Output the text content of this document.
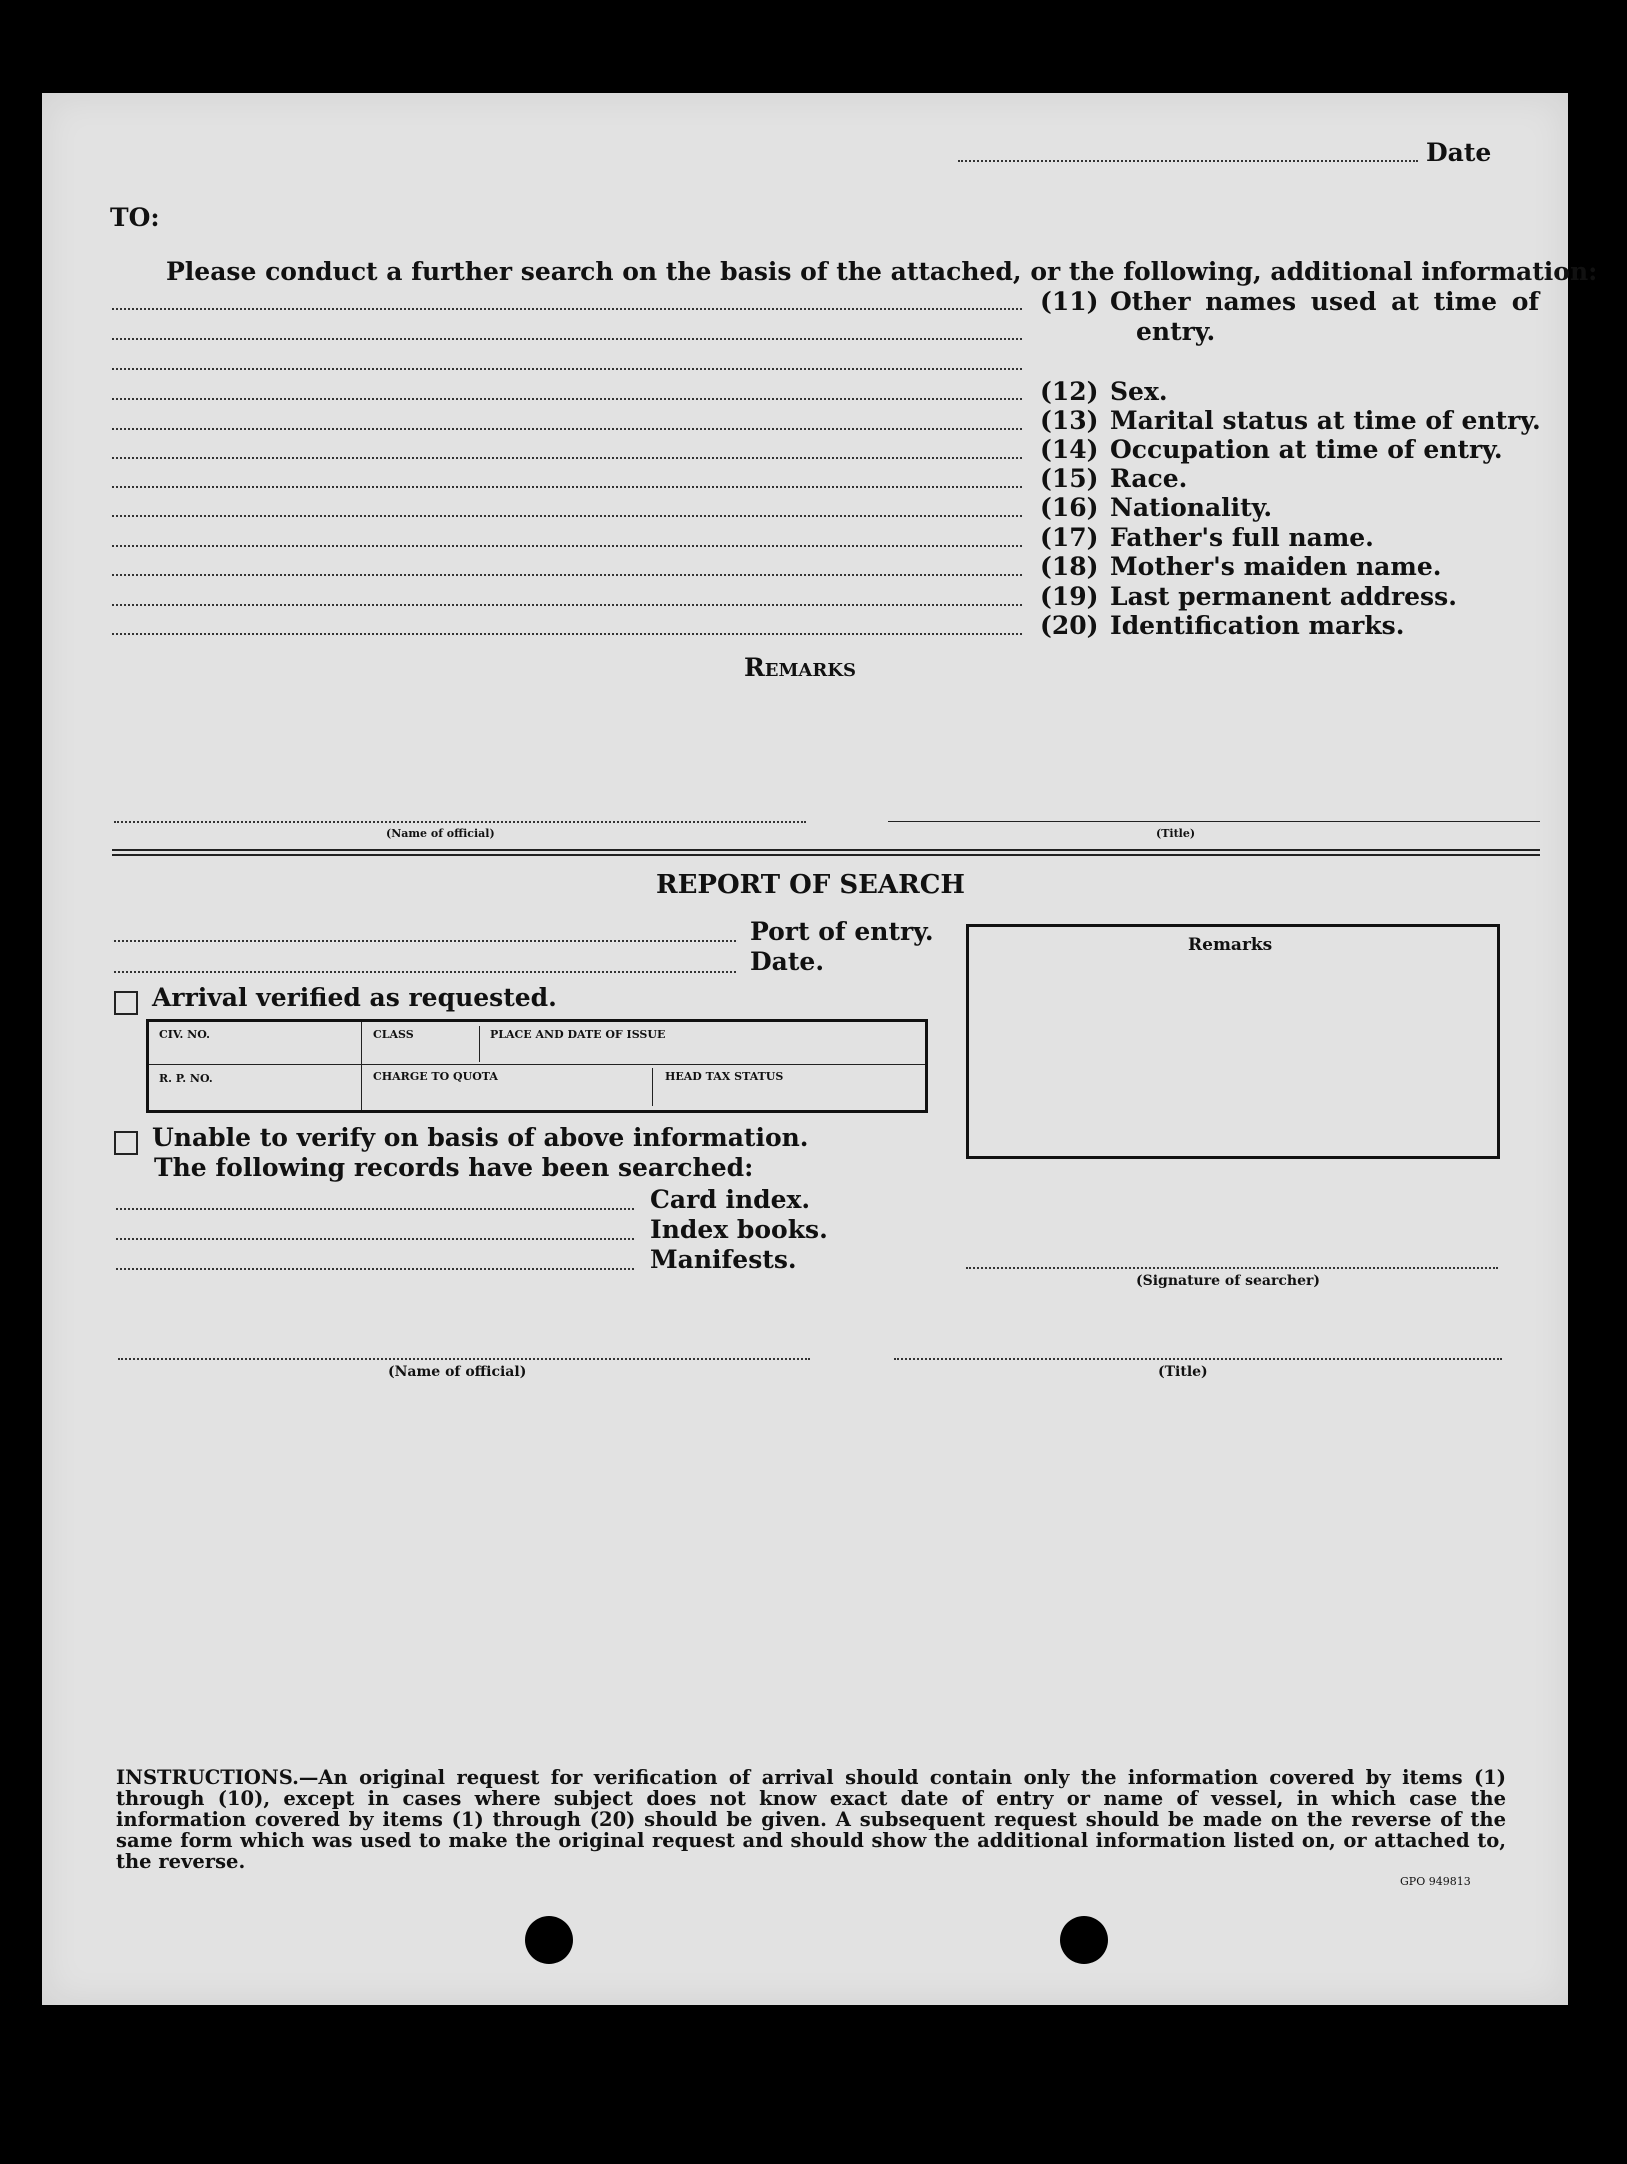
Date
TO:
Please conduct a further search on the basis of the attached, or the following, additional information:
(11) Other names used at time of
entry.
(12) Sex.
(13) Marital status at time of entry.
(14) Occupation at time of entry.
(15) Race.
(16) Nationality.
(17) Father's full name.
(18) Mother's maiden name.
(19) Last permanent address.
(20) Identification marks.
Remarks
(Name of official)	(Title)
REPORT OF SEARCH
Port of entry.
Date.
Arrival verified as requested.
CIV. NO.	CLASS	PLACE AND DATE OF ISSUE
R. P. NO.	CHARGE TO QUOTA	HEAD TAX STATUS
Remarks
Unable to verify on basis of above information.
The following records have been searched:
Card index.
Index books.
Manifests.
(Signature of searcher)
(Name of official)	(Title)
INSTRUCTIONS.—An original request for verification of arrival should contain only the information covered by items (1) through (10), except in cases where subject does not know exact date of entry or name of vessel, in which case the information covered by items (1) through (20) should be given. A subsequent request should be made on the reverse of the same form which was used to make the original request and should show the additional information listed on, or attached to, the reverse.
GPO 949813
